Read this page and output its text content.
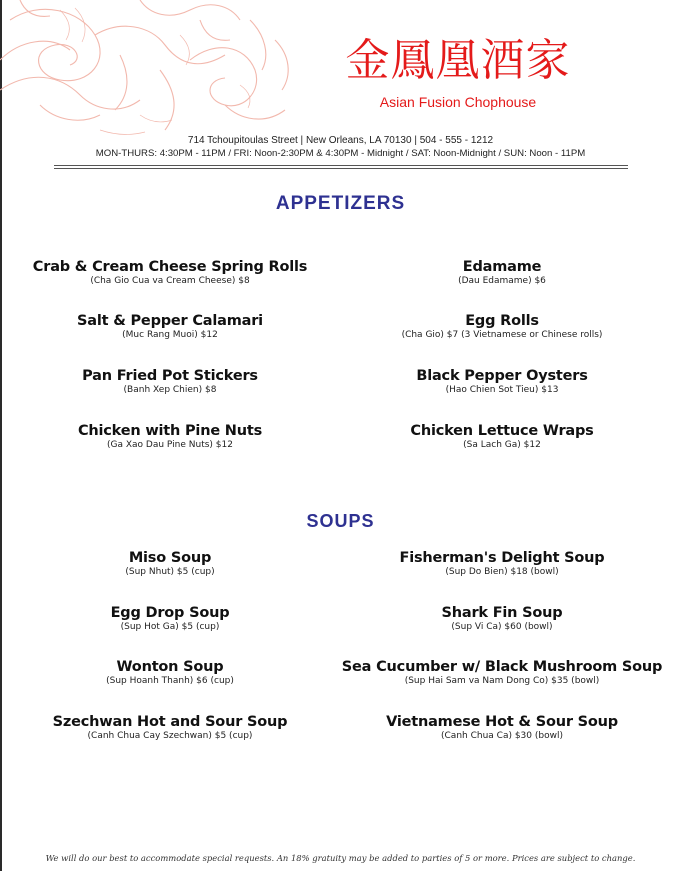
金鳳凰酒家
Asian Fusion Chophouse
714 Tchoupitoulas Street | New Orleans, LA 70130 | 504 - 555 - 1212
MON-THURS: 4:30PM - 11PM / FRI: Noon-2:30PM & 4:30PM - Midnight / SAT: Noon-Midnight / SUN: Noon - 11PM
APPETIZERS
Crab & Cream Cheese Spring Rolls
(Cha Gio Cua va Cream Cheese) $8
Salt & Pepper Calamari
(Muc Rang Muoi) $12
Pan Fried Pot Stickers
(Banh Xep Chien) $8
Chicken with Pine Nuts
(Ga Xao Dau Pine Nuts) $12
Edamame
(Dau Edamame) $6
Egg Rolls
(Cha Gio) $7 (3 Vietnamese or Chinese rolls)
Black Pepper Oysters
(Hao Chien Sot Tieu) $13
Chicken Lettuce Wraps
(Sa Lach Ga) $12
SOUPS
Miso Soup
(Sup Nhut) $5 (cup)
Egg Drop Soup
(Sup Hot Ga) $5 (cup)
Wonton Soup
(Sup Hoanh Thanh) $6 (cup)
Szechwan Hot and Sour Soup
(Canh Chua Cay Szechwan) $5 (cup)
Fisherman's Delight Soup
(Sup Do Bien) $18 (bowl)
Shark Fin Soup
(Sup Vi Ca) $60 (bowl)
Sea Cucumber w/ Black Mushroom Soup
(Sup Hai Sam va Nam Dong Co) $35 (bowl)
Vietnamese Hot & Sour Soup
(Canh Chua Ca) $30 (bowl)
We will do our best to accommodate special requests. An 18% gratuity may be added to parties of 5 or more. Prices are subject to change.
